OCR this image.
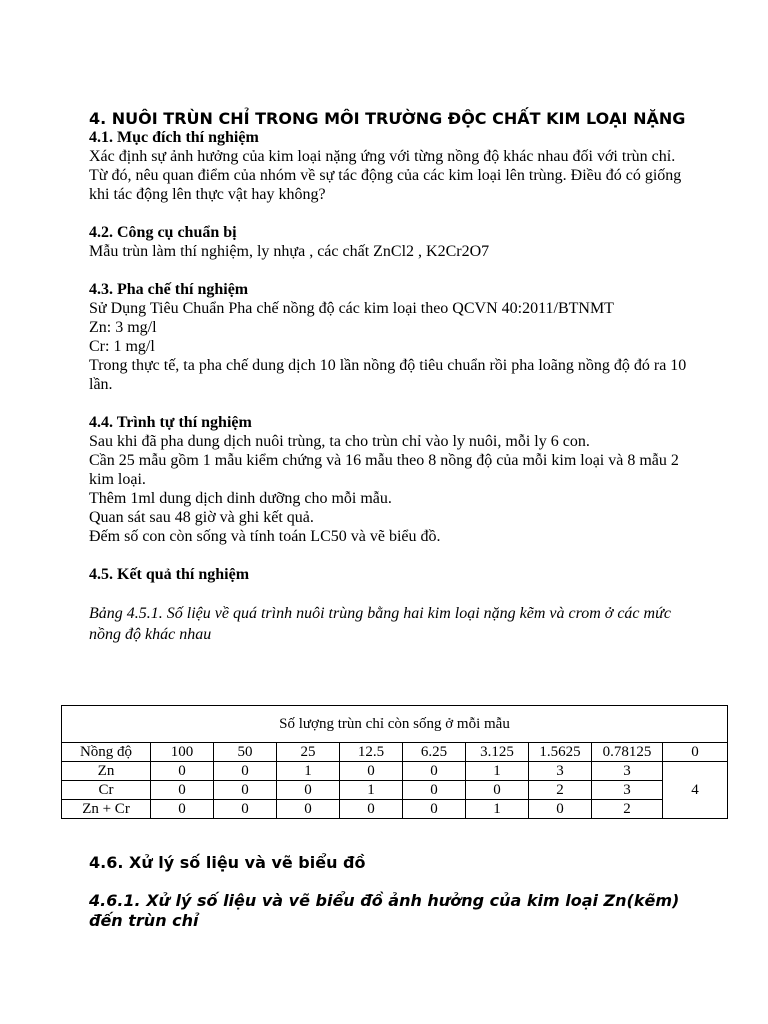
4. NUÔI TRÙN CHỈ TRONG MÔI TRƯỜNG ĐỘC CHẤT KIM LOẠI NẶNG

4.1. Mục đích thí nghiệm

Xác định sự ảnh hưởng của kim loại nặng ứng với từng nồng độ khác nhau đối với trùn chỉ.

Từ đó, nêu quan điểm của nhóm về sự tác động của các kim loại lên trùng. Điều đó có giống khi tác động lên thực vật hay không?

4.2. Công cụ chuẩn bị

Mẫu trùn làm thí nghiệm, ly nhựa , các chất ZnCl2 , K2Cr2O7

4.3. Pha chế thí nghiệm

Sử Dụng Tiêu Chuẩn Pha chế nồng độ các kim loại theo QCVN 40:2011/BTNMT

Zn: 3 mg/l

Cr: 1 mg/l

Trong thực tế, ta pha chế dung dịch 10 lần nồng độ tiêu chuẩn rồi pha loãng nồng độ đó ra 10 lần.

4.4. Trình tự thí nghiệm

Sau khi đã pha dung dịch nuôi trùng, ta cho trùn chỉ vào ly nuôi, mỗi ly 6 con.

Cần 25 mẫu gồm 1 mẫu kiểm chứng và 16 mẫu theo 8 nồng độ của mỗi kim loại và 8 mẫu 2 kim loại.

Thêm 1ml dung dịch dinh dưỡng cho mỗi mẫu.

Quan sát sau 48 giờ và ghi kết quả.

Đếm số con còn sống và tính toán LC50 và vẽ biểu đồ.

4.5. Kết quả thí nghiệm

Bảng 4.5.1. Số liệu về quá trình nuôi trùng bằng hai kim loại nặng kẽm và crom ở các mức nồng độ khác nhau

Số lượng trùn chỉ còn sống ở mỗi mẫu									
Nồng độ	100	50	25	12.5	6.25	3.125	1.5625	0.78125	0
Zn	0	0	1	0	0	1	3	3	4
Cr	0	0	0	1	0	0	2	3	
Zn + Cr	0	0	0	0	0	1	0	2	

4.6. Xử lý số liệu và vẽ biểu đồ

4.6.1. Xử lý số liệu và vẽ biểu đồ ảnh hưởng của kim loại Zn(kẽm) đến trùn chỉ
